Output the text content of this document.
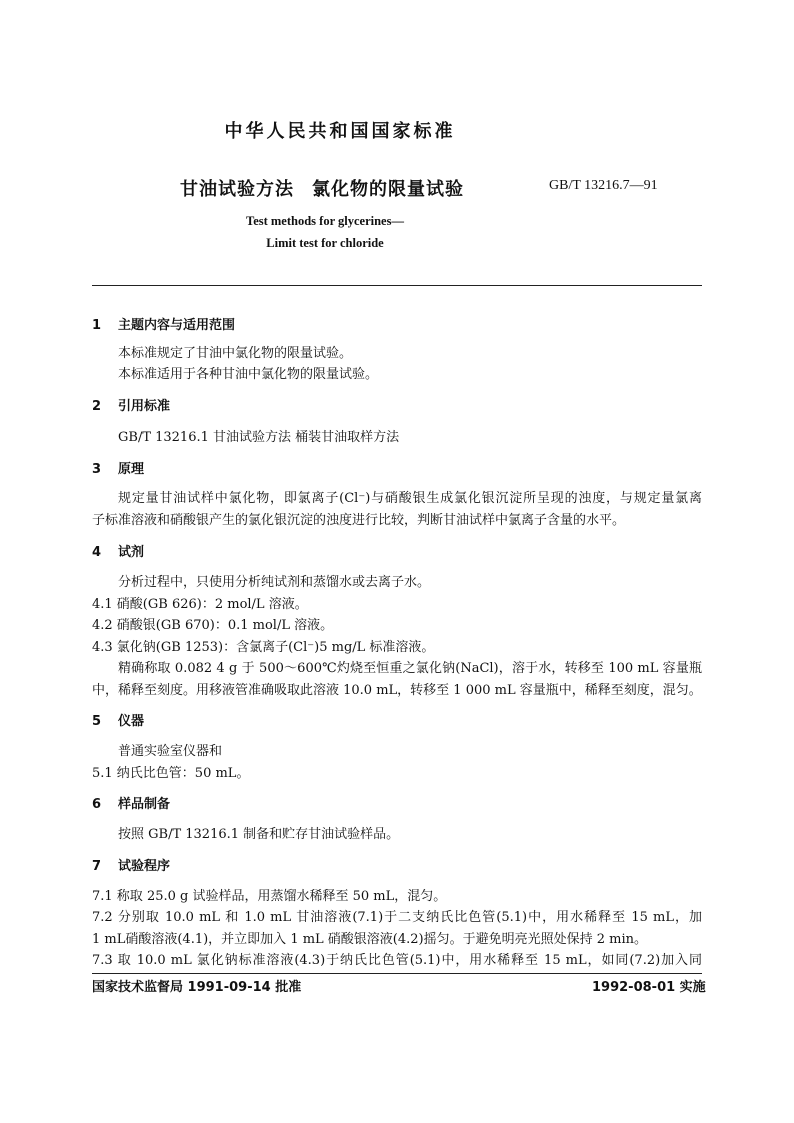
中华人民共和国国家标准
甘油试验方法 氯化物的限量试验	GB/T 13216.7—91
Test methods for glycerines—
Limit test for chloride
1 主题内容与适用范围
本标准规定了甘油中氯化物的限量试验。
本标准适用于各种甘油中氯化物的限量试验。
2 引用标准
GB/T 13216.1 甘油试验方法 桶装甘油取样方法
3 原理
规定量甘油试样中氯化物，即氯离子(Cl⁻)与硝酸银生成氯化银沉淀所呈现的浊度，与规定量氯离
子标准溶液和硝酸银产生的氯化银沉淀的浊度进行比较，判断甘油试样中氯离子含量的水平。
4 试剂
分析过程中，只使用分析纯试剂和蒸馏水或去离子水。
4.1 硝酸(GB 626)：2 mol/L 溶液。
4.2 硝酸银(GB 670)：0.1 mol/L 溶液。
4.3 氯化钠(GB 1253)：含氯离子(Cl⁻)5 mg/L 标准溶液。
精确称取 0.082 4 g 于 500～600℃灼烧至恒重之氯化钠(NaCl)，溶于水，转移至 100 mL 容量瓶
中，稀释至刻度。用移液管准确吸取此溶液 10.0 mL，转移至 1 000 mL 容量瓶中，稀释至刻度，混匀。
5 仪器
普通实验室仪器和
5.1 纳氏比色管：50 mL。
6 样品制备
按照 GB/T 13216.1 制备和贮存甘油试验样品。
7 试验程序
7.1 称取 25.0 g 试验样品，用蒸馏水稀释至 50 mL，混匀。
7.2 分别取 10.0 mL 和 1.0 mL 甘油溶液(7.1)于二支纳氏比色管(5.1)中，用水稀释至 15 mL，加
1 mL硝酸溶液(4.1)，并立即加入 1 mL 硝酸银溶液(4.2)摇匀。于避免明亮光照处保持 2 min。
7.3 取 10.0 mL 氯化钠标准溶液(4.3)于纳氏比色管(5.1)中，用水稀释至 15 mL，如同(7.2)加入同
国家技术监督局 1991-09-14 批准	1992-08-01 实施
